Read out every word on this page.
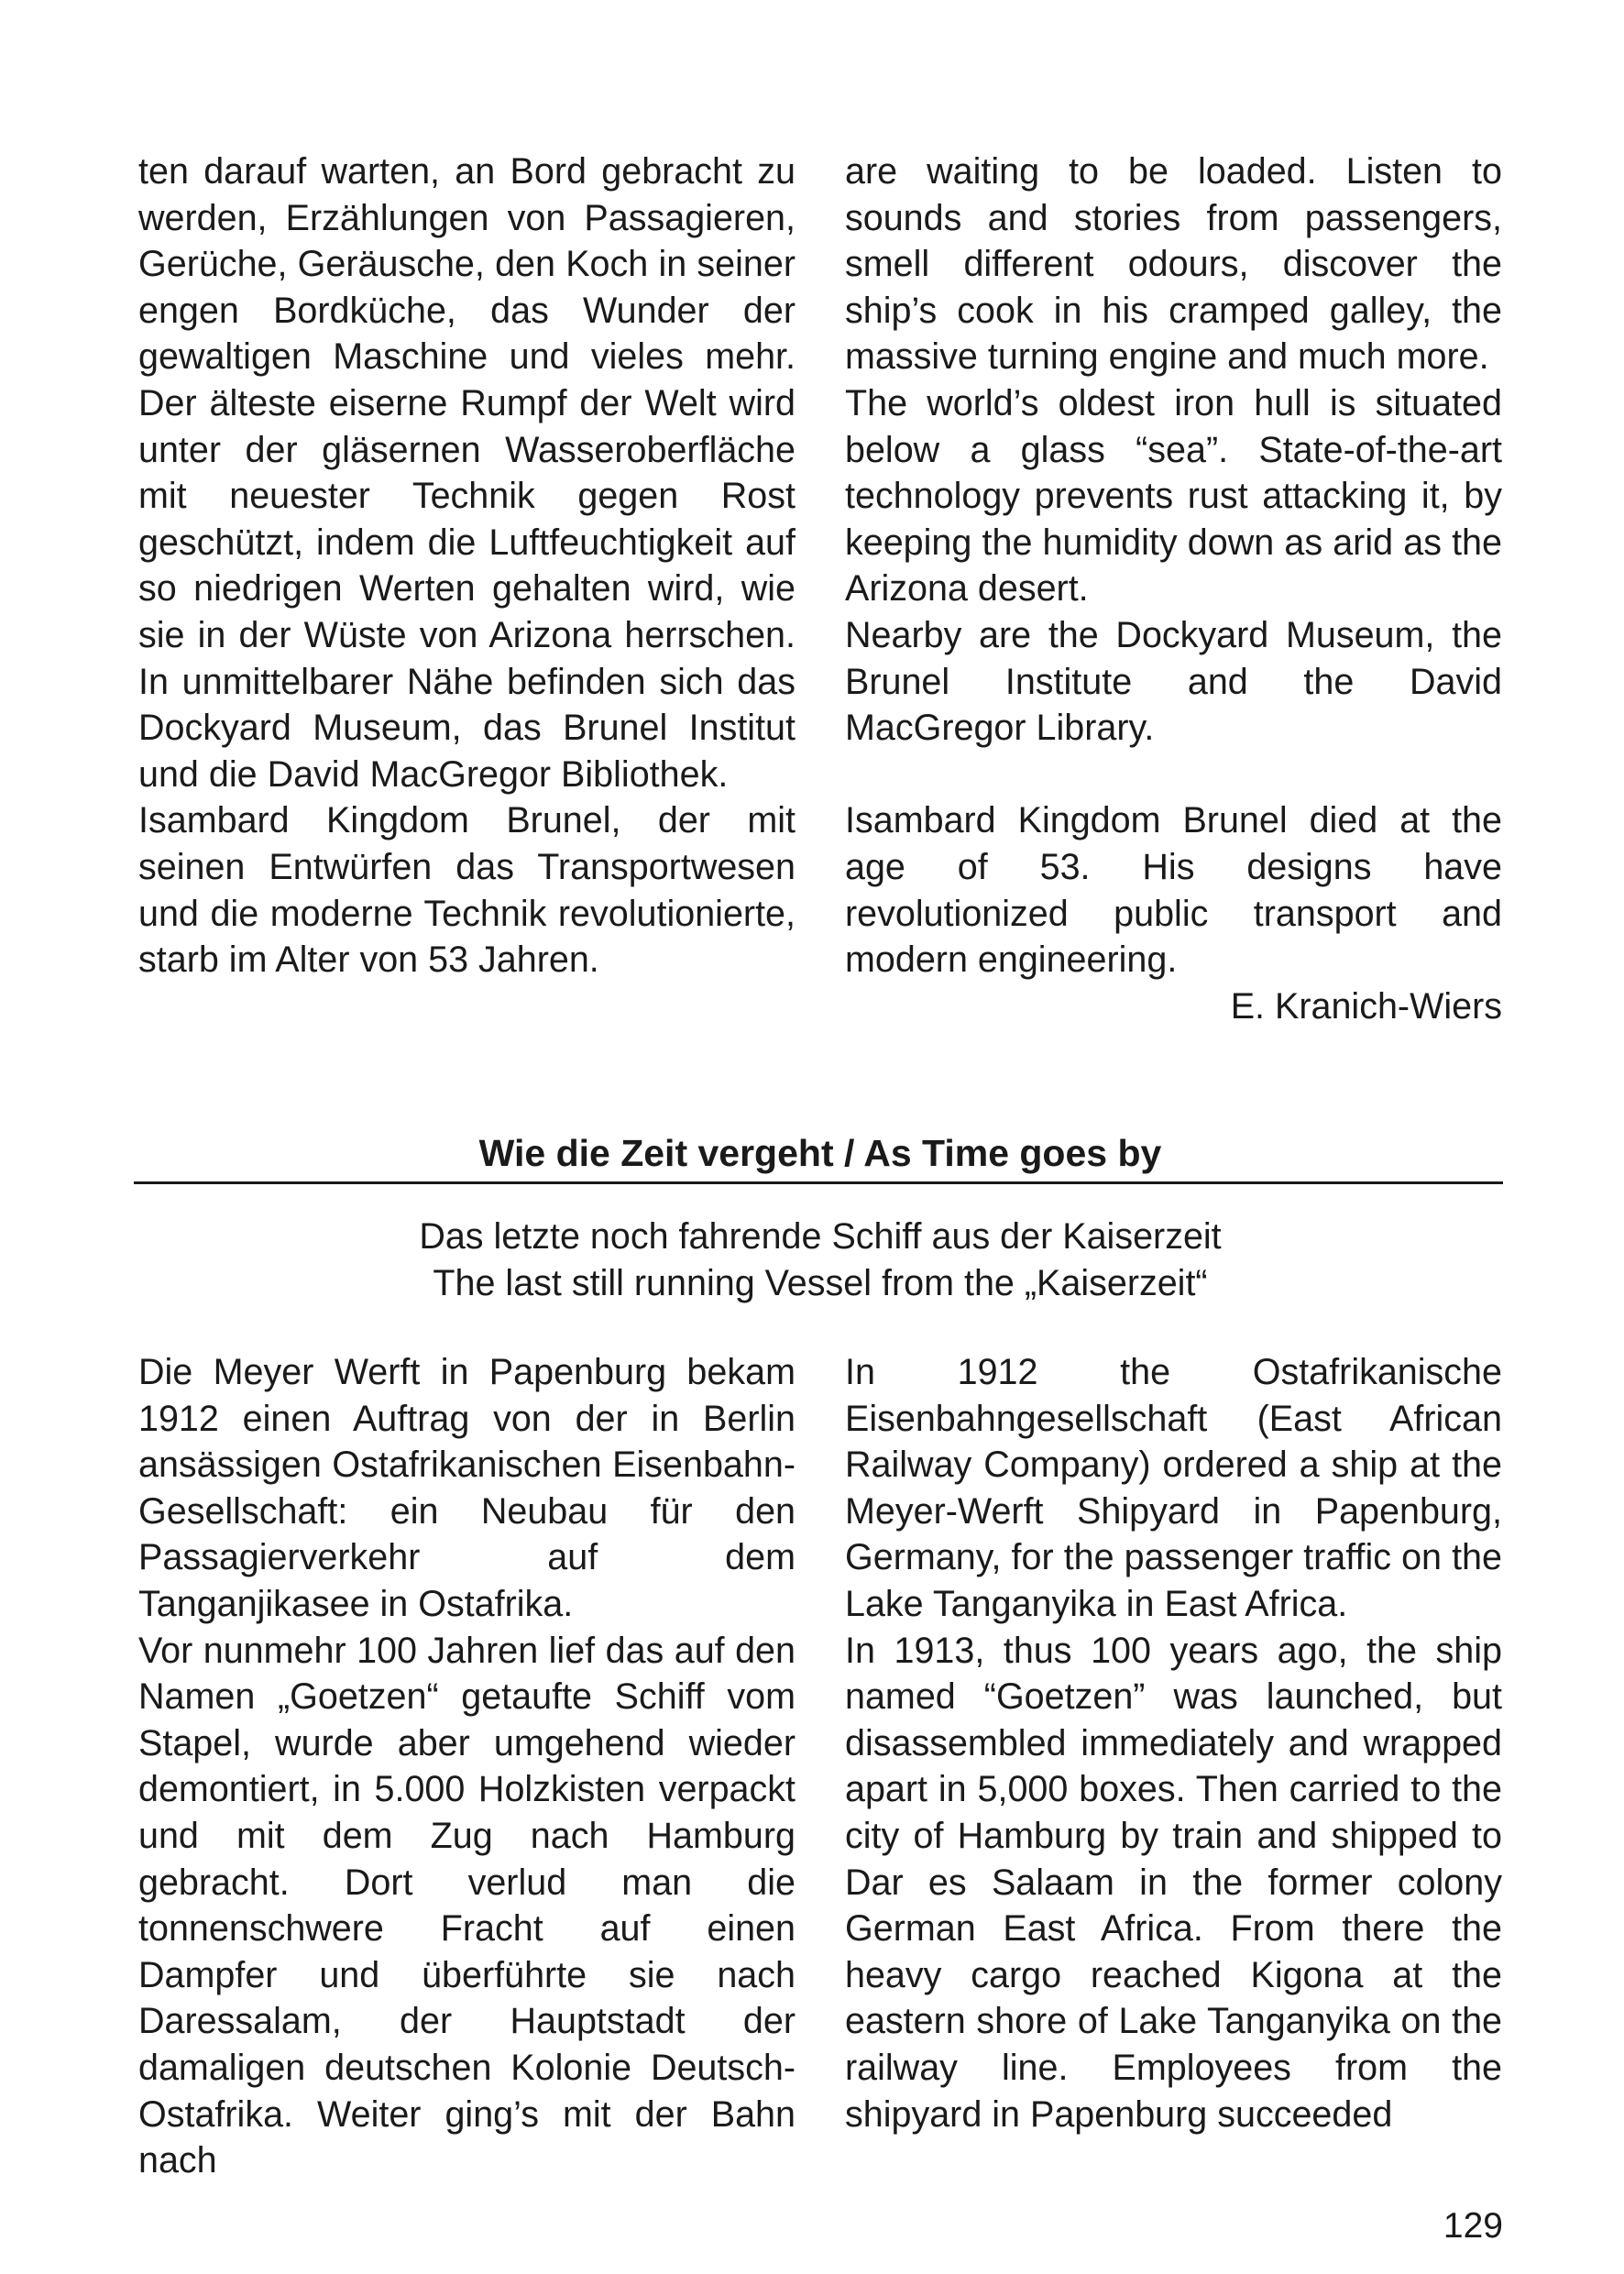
ten darauf warten, an Bord gebracht zu werden, Erzählungen von Passagieren, Gerüche, Geräusche, den Koch in seiner engen Bordküche, das Wunder der gewaltigen Maschine und vieles mehr. Der älteste eiserne Rumpf der Welt wird unter der gläsernen Wasseroberfläche mit neuester Technik gegen Rost geschützt, indem die Luftfeuchtigkeit auf so niedrigen Werten gehalten wird, wie sie in der Wüste von Arizona herrschen. In unmittelbarer Nähe befinden sich das Dockyard Museum, das Brunel Institut und die David MacGregor Bibliothek.

Isambard Kingdom Brunel, der mit seinen Entwürfen das Transportwesen und die moderne Technik revolutionierte, starb im Alter von 53 Jahren.

are waiting to be loaded. Listen to sounds and stories from passengers, smell different odours, discover the ship’s cook in his cramped galley, the massive turning engine and much more.

The world’s oldest iron hull is situated below a glass “sea”. State-of-the-art technology prevents rust attacking it, by keeping the humidity down as arid as the Arizona desert.

Nearby are the Dockyard Museum, the Brunel Institute and the David MacGregor Library.

Isambard Kingdom Brunel died at the age of 53. His designs have revolutionized public transport and modern engineering.

E. Kranich-Wiers

Wie die Zeit vergeht / As Time goes by
Das letzte noch fahrende Schiff aus der Kaiserzeit
The last still running Vessel from the „Kaiserzeit“

Die Meyer Werft in Papenburg bekam 1912 einen Auftrag von der in Berlin ansässigen Ostafrikanischen Eisenbahn-Gesellschaft: ein Neubau für den Passagierverkehr auf dem Tanganjikasee in Ostafrika.

Vor nunmehr 100 Jahren lief das auf den Namen „Goetzen“ getaufte Schiff vom Stapel, wurde aber umgehend wieder demontiert, in 5.000 Holzkisten verpackt und mit dem Zug nach Hamburg gebracht. Dort verlud man die tonnenschwere Fracht auf einen Dampfer und überführte sie nach Daressalam, der Hauptstadt der damaligen deutschen Kolonie Deutsch-Ostafrika. Weiter ging’s mit der Bahn nach

In 1912 the Ostafrikanische Eisenbahngesellschaft (East African Railway Company) ordered a ship at the Meyer-Werft Shipyard in Papenburg, Germany, for the passenger traffic on the Lake Tanganyika in East Africa.

In 1913, thus 100 years ago, the ship named “Goetzen” was launched, but disassembled immediately and wrapped apart in 5,000 boxes. Then carried to the city of Hamburg by train and shipped to Dar es Salaam in the former colony German East Africa. From there the heavy cargo reached Kigona at the eastern shore of Lake Tanganyika on the railway line. Employees from the shipyard in Papenburg succeeded

129
